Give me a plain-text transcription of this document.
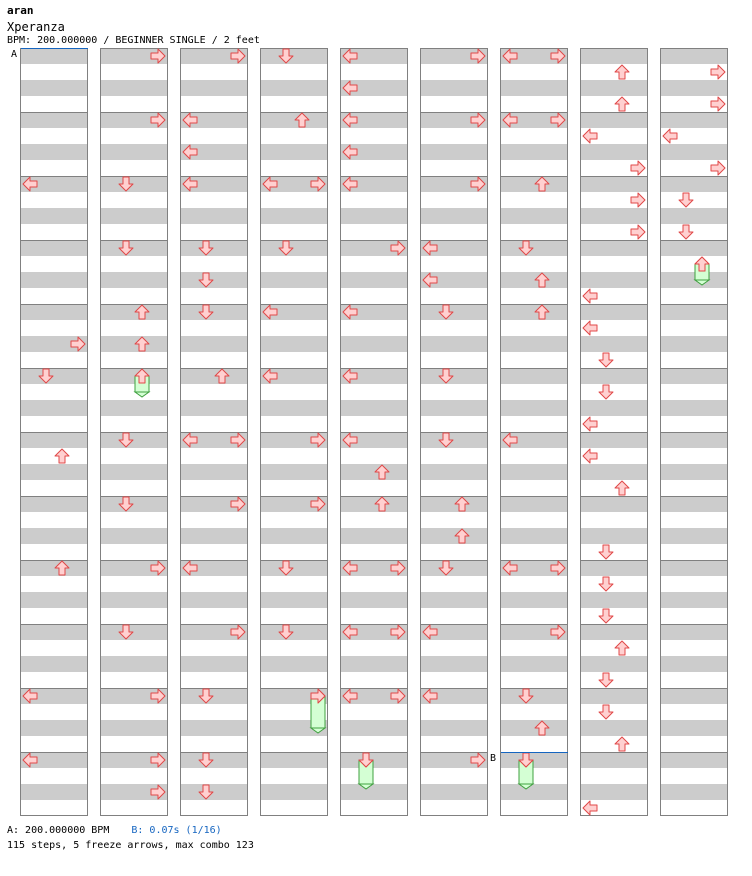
aran
Xperanza
BPM: 200.000000 / BEGINNER SINGLE / 2 feet
A
B
A: 200.000000 BPM B: 0.07s (1/16)
115 steps, 5 freeze arrows, max combo 123
